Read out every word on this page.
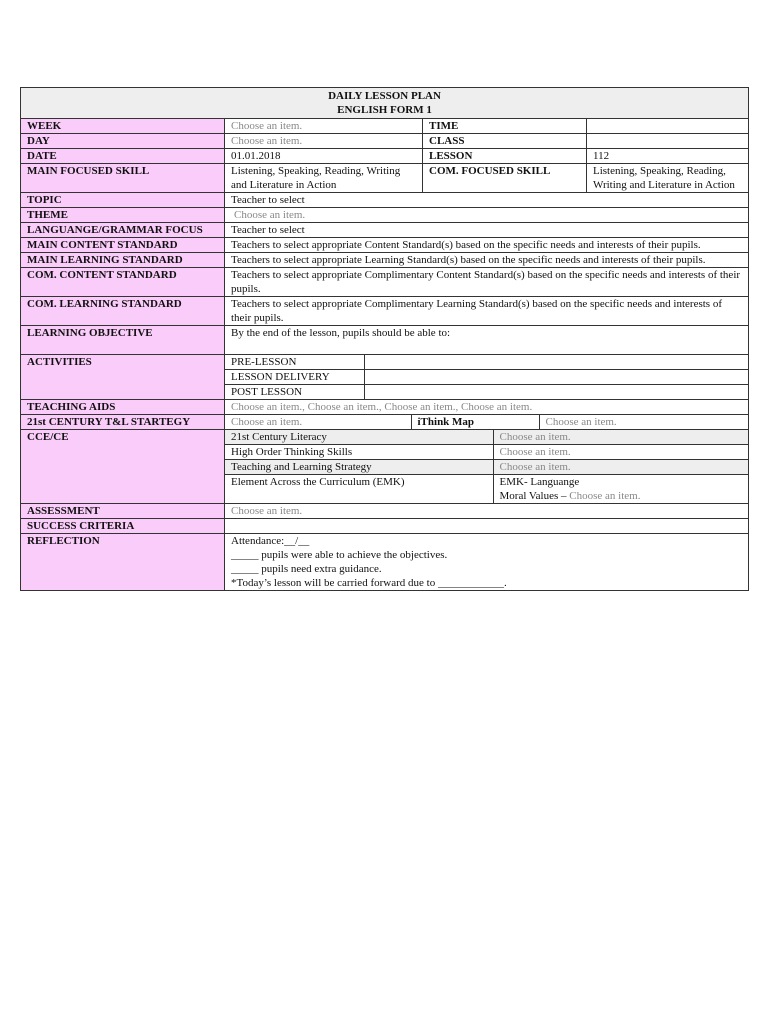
DAILY LESSON PLAN
ENGLISH FORM 1

WEEK	Choose an item.	TIME	
DAY	Choose an item.	CLASS	
DATE	01.01.2018	LESSON	112
MAIN FOCUSED SKILL	Listening, Speaking, Reading, Writing and Literature in Action	COM. FOCUSED SKILL	Listening, Speaking, Reading, Writing and Literature in Action
TOPIC	Teacher to select
THEME	Choose an item.
LANGUANGE/GRAMMAR FOCUS	Teacher to select
MAIN CONTENT STANDARD	Teachers to select appropriate Content Standard(s) based on the specific needs and interests of their pupils.
MAIN LEARNING STANDARD	Teachers to select appropriate Learning Standard(s) based on the specific needs and interests of their pupils.
COM. CONTENT STANDARD	Teachers to select appropriate Complimentary Content Standard(s) based on the specific needs and interests of their pupils.
COM. LEARNING STANDARD	Teachers to select appropriate Complimentary Learning Standard(s) based on the specific needs and interests of their pupils.
LEARNING OBJECTIVE	By the end of the lesson, pupils should be able to:
ACTIVITIES		PRE-LESSON	
LESSON DELIVERY	
POST LESSON	

TEACHING AIDS	Choose an item., Choose an item., Choose an item., Choose an item.
21st CENTURY T&L STARTEGY		Choose an item.	iThink Map	Choose an item.

CCE/CE		21st Century Literacy	Choose an item.
High Order Thinking Skills	Choose an item.
Teaching and Learning Strategy	Choose an item.
Element Across the Curriculum (EMK)	EMK- Languange
Moral Values – Choose an item.

ASSESSMENT	Choose an item.
SUCCESS CRITERIA	
REFLECTION	Attendance:__/__
_____ pupils were able to achieve the objectives.
_____ pupils need extra guidance.
*Today’s lesson will be carried forward due to ____________.
